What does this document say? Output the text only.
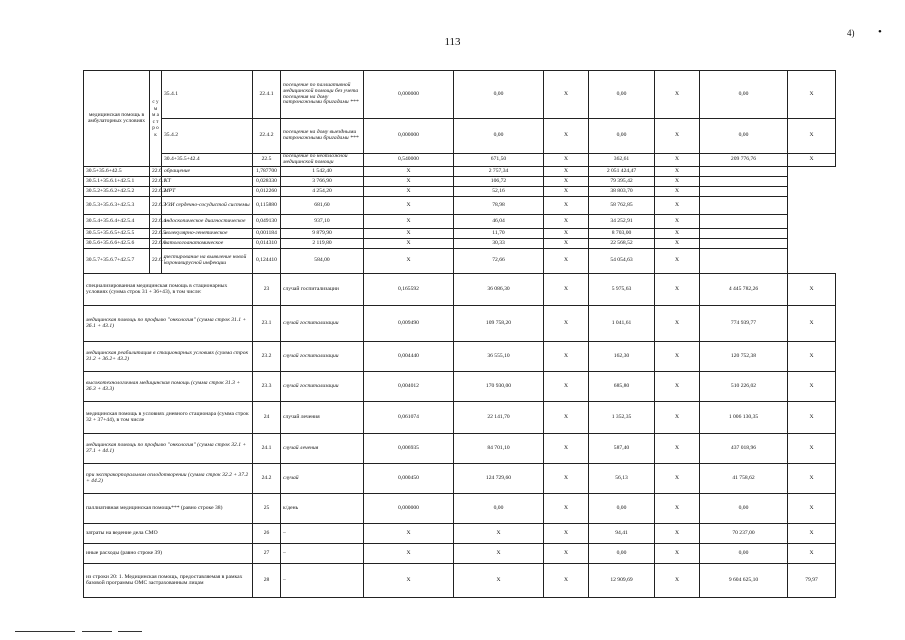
113
4) •
медицинская помощь в амбулаторных условиях	с у м м а с т р о к	35.4.1	22.4.1	посещение по паллиативной медицинской помощи без учета посещения на дому патронажными бригадами ***	0,000000	0,00	X	0,00	X	0,00	X	
		35.4.2	22.4.2	посещение на дому выездными патронажными бригадами ***	0,000000	0,00	X	0,00	X	0,00	X	
		30.4+35.5+42.4	22.5	посещение по неотложной медицинской помощи	0,540000	671,50	X	362,61	X	209 776,76	X	
30.5+35.6+42.5	22.6	обращение	1,787700	1 542,40	X	2 757,34	X	2 051 424,47	X			
30.5.1+35.6.1+42.5.1	22.6.1	КТ	0,028330	3 766,90	X	106,72	X	79 395,42	X			
30.5.2+35.6.2+42.5.2	22.6.2	МРТ	0,012260	4 254,20	X	52,16	X	38 803,70	X			
30.5.3+35.6.3+42.5.3	22.6.3	УЗИ сердечно-сосудистой системы	0,115880	681,60	X	78,98	X	58 762,85	X			
30.5.4+35.6.4+42.5.4	22.6.4	эндоскопическое диагностическое	0,049130	937,10	X	46,04	X	34 252,91	X			
30.5.5+35.6.5+42.5.5	22.6.5	молекулярно-генетическое	0,001184	9 879,90	X	11,70	X	8 703,00	X			
30.5.6+35.6.6+42.5.6	22.6.6	патологоанатомическое	0,014310	2 119,80	X	30,33	X	22 568,52	X			
30.5.7+35.6.7+42.5.7	22.6.7	тестирование на выявление новой коронавирусной инфекции	0,124410	584,00	X	72,66	X	54 054,63	X			
специализированная медицинская помощь в стационарных условиях (сумма строк 31 + 36+43), в том числе:			23	случай госпитализации	0,165592	36 086,30	X	5 975,63	X	4 445 782,26	X	
медицинская помощь по профилю "онкология" (сумма строк 31.1 + 36.1 + 43.1)			23.1	случай госпитализации	0,009490	109 758,20	X	1 041,61	X	774 939,77	X	
медицинская реабилитация в стационарных условиях (сумма строк 31.2 + 36.2+ 43.2)			23.2	случай госпитализации	0,004440	36 555,10	X	162,30	X	120 752,38	X	
высокотехнологичная медицинская помощь (сумма строк 31.3 + 36.3 + 43.3)			23.3	случай госпитализации	0,004012	170 930,00	X	685,80	X	510 226,02	X	
медицинская помощь в условиях дневного стационара (сумма строк 32 + 37+44), в том числе			24	случай лечения	0,061074	22 141,70	X	1 352,35	X	1 006 130,35	X	
медицинская помощь по профилю "онкология" (сумма строк 32.1 + 37.1 + 44.1)			24.1	случай лечения	0,006935	84 701,10	X	587,40	X	437 018,96	X	
при экстракорпоральном оплодотворении (сумма строк 32.2 + 37.2 + 44.2)			24.2	случай	0,000450	124 729,60	X	56,13	X	41 758,62	X	
паллиативная медицинская помощь*** (равно строке 38)			25	к/день	0,000000	0,00	X	0,00	X	0,00	X	
затраты на ведение дела СМО			26	–	X	X	X	94,41	X	70 237,00	X	
иные расходы (равно строке 39)			27	–	X	X	X	0,00	X	0,00	X	
из строки 20: 1. Медицинская помощь, предоставляемая в рамках базовой программы ОМС застрахованным лицам			28	–	X	X	X	12 909,69	X	9 604 625,10	79,97	
